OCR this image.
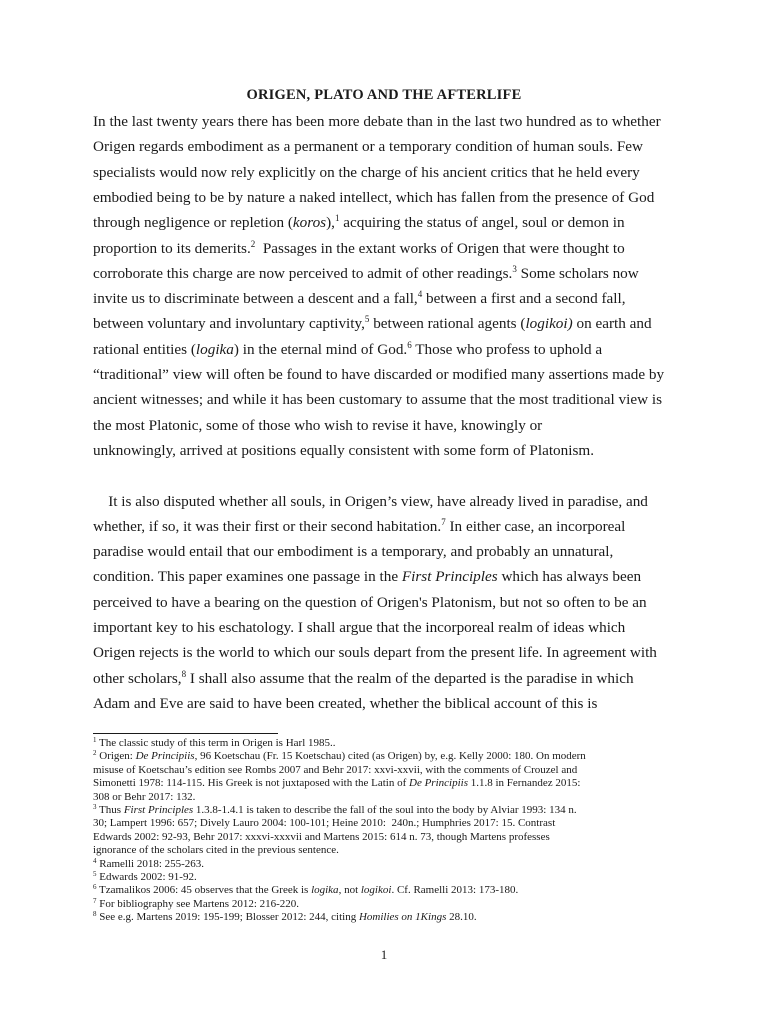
ORIGEN, PLATO AND THE AFTERLIFE
In the last twenty years there has been more debate than in the last two hundred as to whether
Origen regards embodiment as a permanent or a temporary condition of human souls. Few
specialists would now rely explicitly on the charge of his ancient critics that he held every
embodied being to be by nature a naked intellect, which has fallen from the presence of God
through negligence or repletion (koros),$^1$ acquiring the status of angel, soul or demon in
proportion to its demerits.$^2$  Passages in the extant works of Origen that were thought to
corroborate this charge are now perceived to admit of other readings.$^3$ Some scholars now
invite us to discriminate between a descent and a fall,$^4$ between a first and a second fall,
between voluntary and involuntary captivity,$^5$ between rational agents (logikoi) on earth and
rational entities (logika) in the eternal mind of God.$^6$ Those who profess to uphold a
“traditional” view will often be found to have discarded or modified many assertions made by
ancient witnesses; and while it has been customary to assume that the most traditional view is
the most Platonic, some of those who wish to revise it have, knowingly or
unknowingly, arrived at positions equally consistent with some form of Platonism.
It is also disputed whether all souls, in Origen’s view, have already lived in paradise, and
whether, if so, it was their first or their second habitation.$^7$ In either case, an incorporeal
paradise would entail that our embodiment is a temporary, and probably an unnatural,
condition. This paper examines one passage in the First Principles which has always been
perceived to have a bearing on the question of Origen's Platonism, but not so often to be an
important key to his eschatology. I shall argue that the incorporeal realm of ideas which
Origen rejects is the world to which our souls depart from the present life. In agreement with
other scholars,$^8$ I shall also assume that the realm of the departed is the paradise in which
Adam and Eve are said to have been created, whether the biblical account of this is
$^1$ The classic study of this term in Origen is Harl 1985..
$^2$ Origen: De Principiis, 96 Koetschau (Fr. 15 Koetschau) cited (as Origen) by, e.g. Kelly 2000: 180. On modern
misuse of Koetschau’s edition see Rombs 2007 and Behr 2017: xxvi-xxvii, with the comments of Crouzel and
Simonetti 1978: 114-115. His Greek is not juxtaposed with the Latin of De Principiis 1.1.8 in Fernandez 2015:
308 or Behr 2017: 132.
$^3$ Thus First Principles 1.3.8-1.4.1 is taken to describe the fall of the soul into the body by Alviar 1993: 134 n.
30; Lampert 1996: 657; Dively Lauro 2004: 100-101; Heine 2010:  240n.; Humphries 2017: 15. Contrast
Edwards 2002: 92-93, Behr 2017: xxxvi-xxxvii and Martens 2015: 614 n. 73, though Martens professes
ignorance of the scholars cited in the previous sentence.
$^4$ Ramelli 2018: 255-263.
$^5$ Edwards 2002: 91-92.
$^6$ Tzamalikos 2006: 45 observes that the Greek is logika, not logikoi. Cf. Ramelli 2013: 173-180.
$^7$ For bibliography see Martens 2012: 216-220.
$^8$ See e.g. Martens 2019: 195-199; Blosser 2012: 244, citing Homilies on 1Kings 28.10.
1
